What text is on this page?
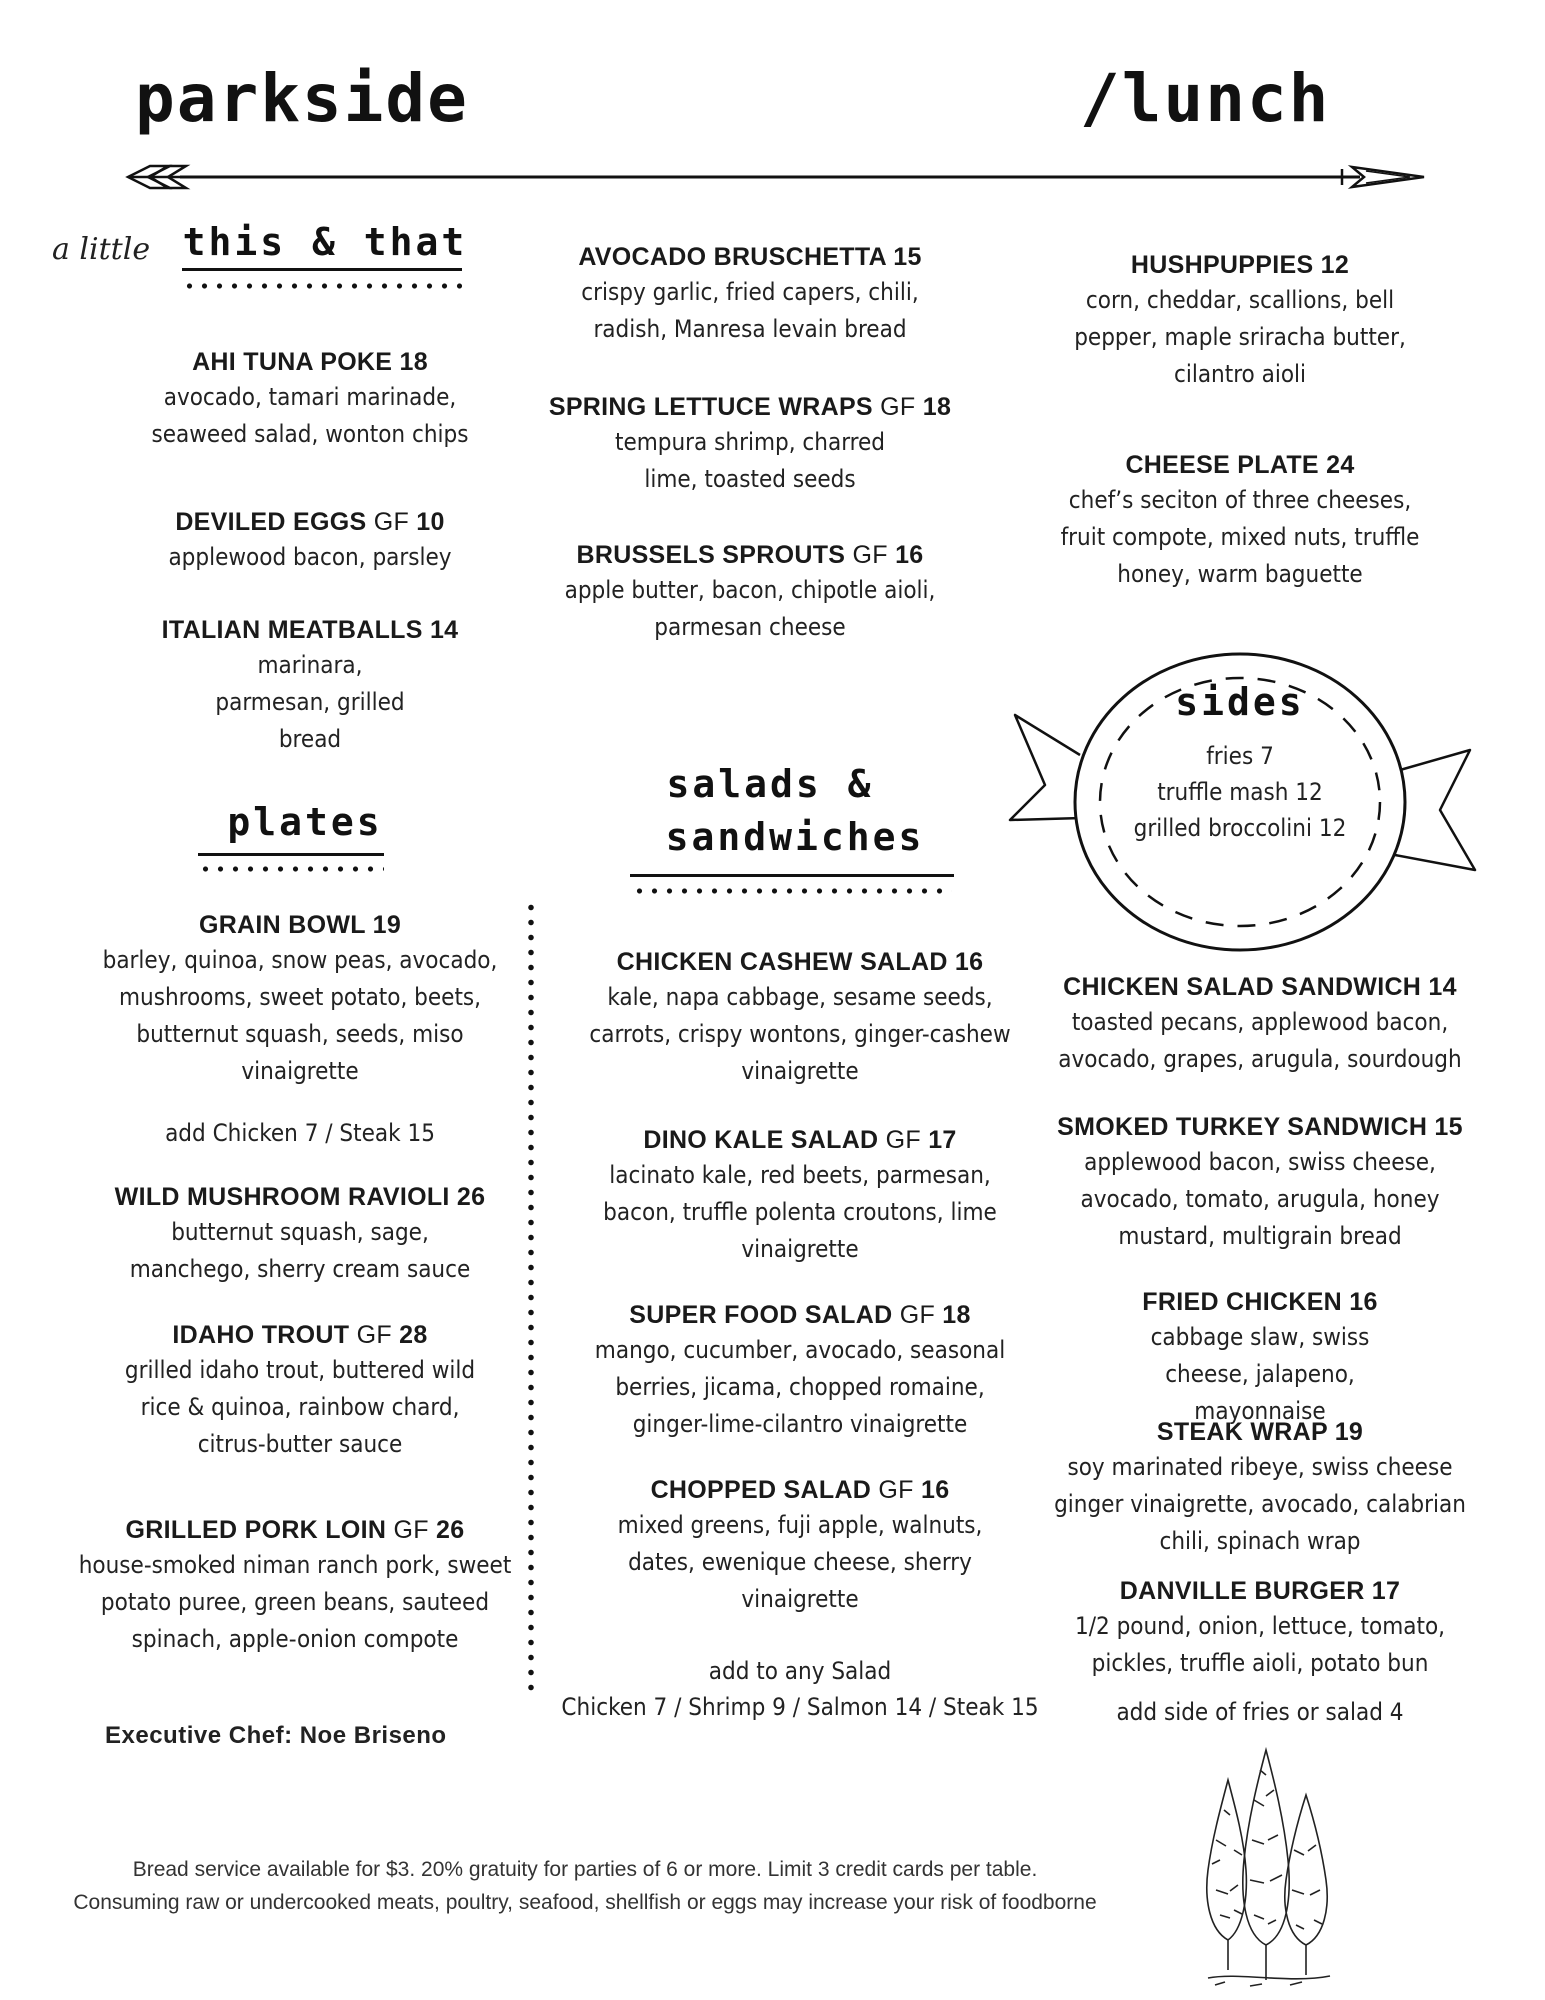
parkside	/lunch
a little this & that
AHI TUNA POKE 18
avocado, tamari marinade, seaweed salad, wonton chips
DEVILED EGGS GF 10
applewood bacon, parsley
ITALIAN MEATBALLS 14
marinara, parmesan, grilled bread
AVOCADO BRUSCHETTA 15
crispy garlic, fried capers, chili, radish, Manresa levain bread
SPRING LETTUCE WRAPS GF 18
tempura shrimp, charred lime, toasted seeds
BRUSSELS SPROUTS GF 16
apple butter, bacon, chipotle aioli, parmesan cheese
HUSHPUPPIES 12
corn, cheddar, scallions, bell pepper, maple sriracha butter, cilantro aioli
CHEESE PLATE 24
chef’s seciton of three cheeses, fruit compote, mixed nuts, truffle honey, warm baguette
sides
fries 7
truffle mash 12
grilled broccolini 12
plates
GRAIN BOWL 19
barley, quinoa, snow peas, avocado, mushrooms, sweet potato, beets, butternut squash, seeds, miso vinaigrette
add Chicken 7 / Steak 15
WILD MUSHROOM RAVIOLI 26
butternut squash, sage, manchego, sherry cream sauce
IDAHO TROUT GF 28
grilled idaho trout, buttered wild rice & quinoa, rainbow chard, citrus-butter sauce
GRILLED PORK LOIN GF 26
house-smoked niman ranch pork, sweet potato puree, green beans, sauteed spinach, apple-onion compote
Executive Chef: Noe Briseno
salads &
sandwiches
CHICKEN CASHEW SALAD 16
kale, napa cabbage, sesame seeds, carrots, crispy wontons, ginger-cashew vinaigrette
DINO KALE SALAD GF 17
lacinato kale, red beets, parmesan, bacon, truffle polenta croutons, lime vinaigrette
SUPER FOOD SALAD GF 18
mango, cucumber, avocado, seasonal berries, jicama, chopped romaine, ginger-lime-cilantro vinaigrette
CHOPPED SALAD GF 16
mixed greens, fuji apple, walnuts, dates, ewenique cheese, sherry vinaigrette
add to any Salad
Chicken 7 / Shrimp 9 / Salmon 14 / Steak 15
CHICKEN SALAD SANDWICH 14
toasted pecans, applewood bacon, avocado, grapes, arugula, sourdough
SMOKED TURKEY SANDWICH 15
applewood bacon, swiss cheese, avocado, tomato, arugula, honey mustard, multigrain bread
FRIED CHICKEN 16
cabbage slaw, swiss cheese, jalapeno, mayonnaise
STEAK WRAP 19
soy marinated ribeye, swiss cheese ginger vinaigrette, avocado, calabrian chili, spinach wrap
DANVILLE BURGER 17
1/2 pound, onion, lettuce, tomato, pickles, truffle aioli, potato bun
add side of fries or salad 4
Bread service available for $3. 20% gratuity for parties of 6 or more. Limit 3 credit cards per table.
Consuming raw or undercooked meats, poultry, seafood, shellfish or eggs may increase your risk of foodborne
